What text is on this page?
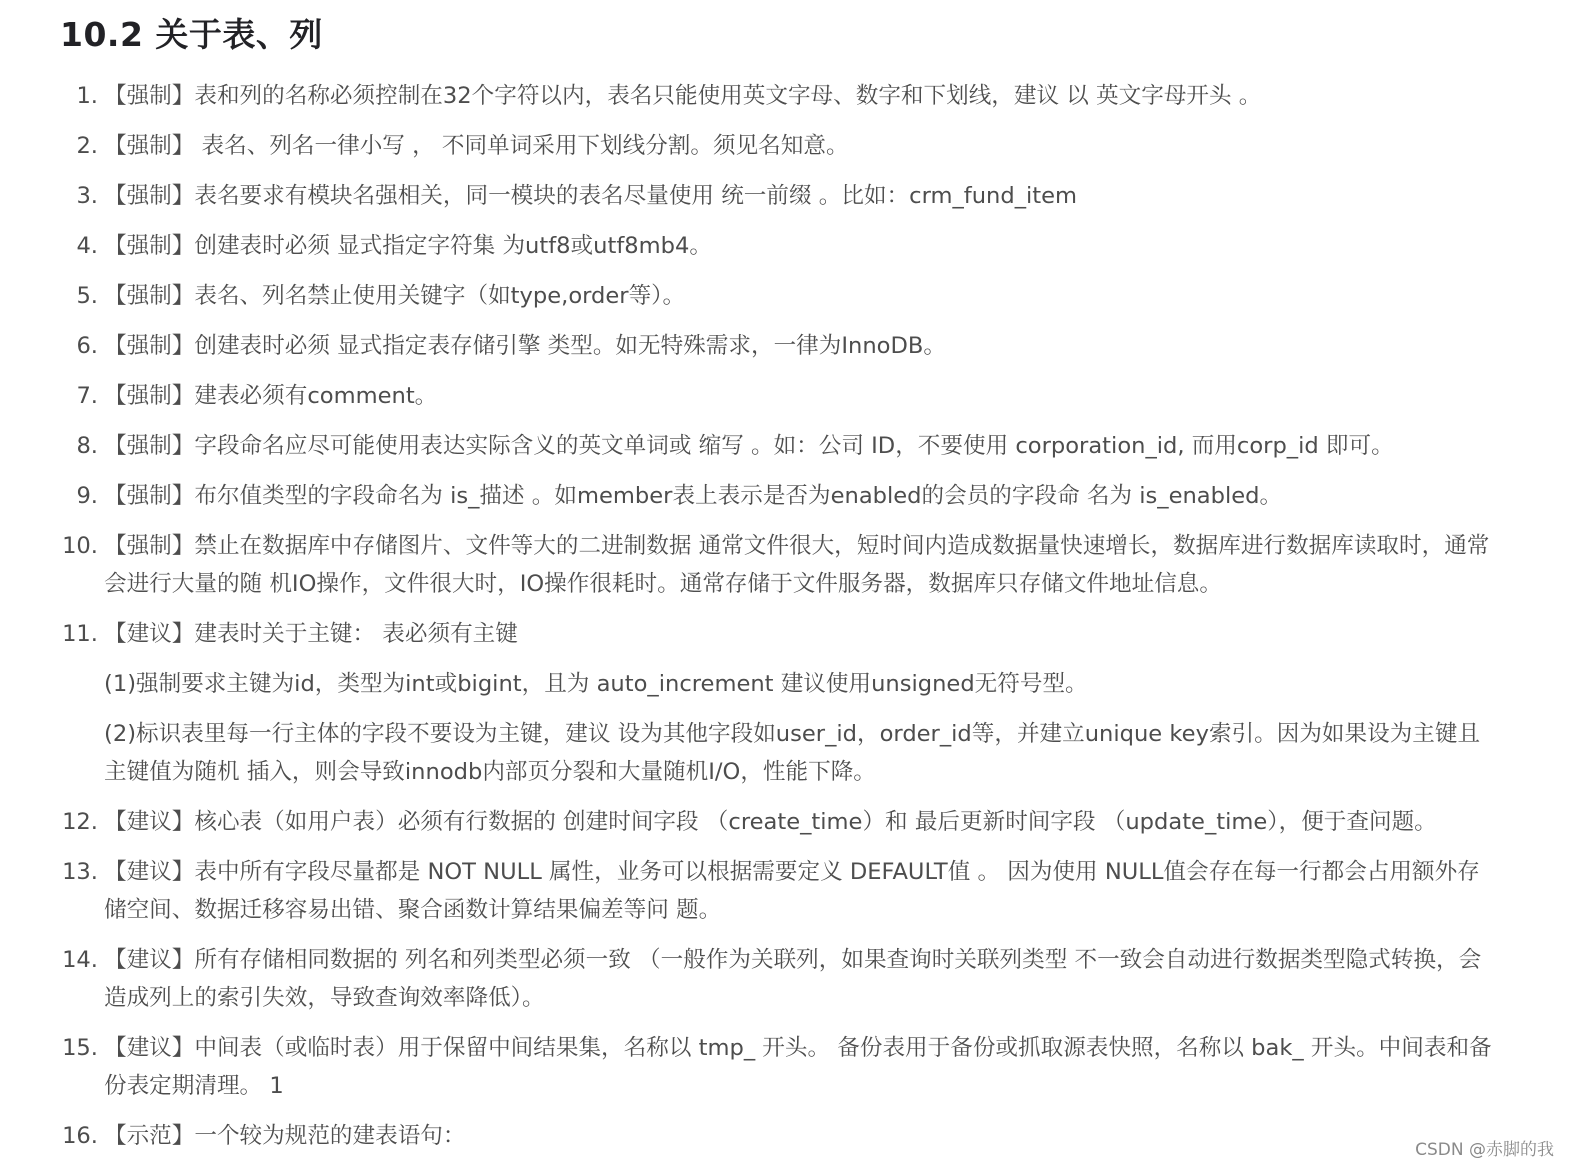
10.2 关于表、列
1. 【强制】表和列的名称必须控制在32个字符以内，表名只能使用英文字母、数字和下划线，建议 以 英文字母开头 。
2. 【强制】 表名、列名一律小写 ， 不同单词采用下划线分割。须见名知意。
3. 【强制】表名要求有模块名强相关，同一模块的表名尽量使用 统一前缀 。比如：crm_fund_item
4. 【强制】创建表时必须 显式指定字符集 为utf8或utf8mb4。
5. 【强制】表名、列名禁止使用关键字（如type,order等）。
6. 【强制】创建表时必须 显式指定表存储引擎 类型。如无特殊需求，一律为InnoDB。
7. 【强制】建表必须有comment。
8. 【强制】字段命名应尽可能使用表达实际含义的英文单词或 缩写 。如：公司 ID，不要使用 corporation_id, 而用corp_id 即可。
9. 【强制】布尔值类型的字段命名为 is_描述 。如member表上表示是否为enabled的会员的字段命 名为 is_enabled。
10. 【强制】禁止在数据库中存储图片、文件等大的二进制数据 通常文件很大，短时间内造成数据量快速增长，数据库进行数据库读取时，通常会进行大量的随 机IO操作，文件很大时，IO操作很耗时。通常存储于文件服务器，数据库只存储文件地址信息。
11. 【建议】建表时关于主键： 表必须有主键
(1)强制要求主键为id，类型为int或bigint，且为 auto_increment 建议使用unsigned无符号型。
(2)标识表里每一行主体的字段不要设为主键，建议 设为其他字段如user_id，order_id等，并建立unique key索引。因为如果设为主键且主键值为随机 插入，则会导致innodb内部页分裂和大量随机I/O，性能下降。
12. 【建议】核心表（如用户表）必须有行数据的 创建时间字段 （create_time）和 最后更新时间字段 （update_time），便于查问题。
13. 【建议】表中所有字段尽量都是 NOT NULL 属性，业务可以根据需要定义 DEFAULT值 。 因为使用 NULL值会存在每一行都会占用额外存储空间、数据迁移容易出错、聚合函数计算结果偏差等问 题。
14. 【建议】所有存储相同数据的 列名和列类型必须一致 （一般作为关联列，如果查询时关联列类型 不一致会自动进行数据类型隐式转换，会造成列上的索引失效，导致查询效率降低）。
15. 【建议】中间表（或临时表）用于保留中间结果集，名称以 tmp_ 开头。 备份表用于备份或抓取源表快照，名称以 bak_ 开头。中间表和备份表定期清理。 1
16. 【示范】一个较为规范的建表语句：
CSDN @赤脚的我
